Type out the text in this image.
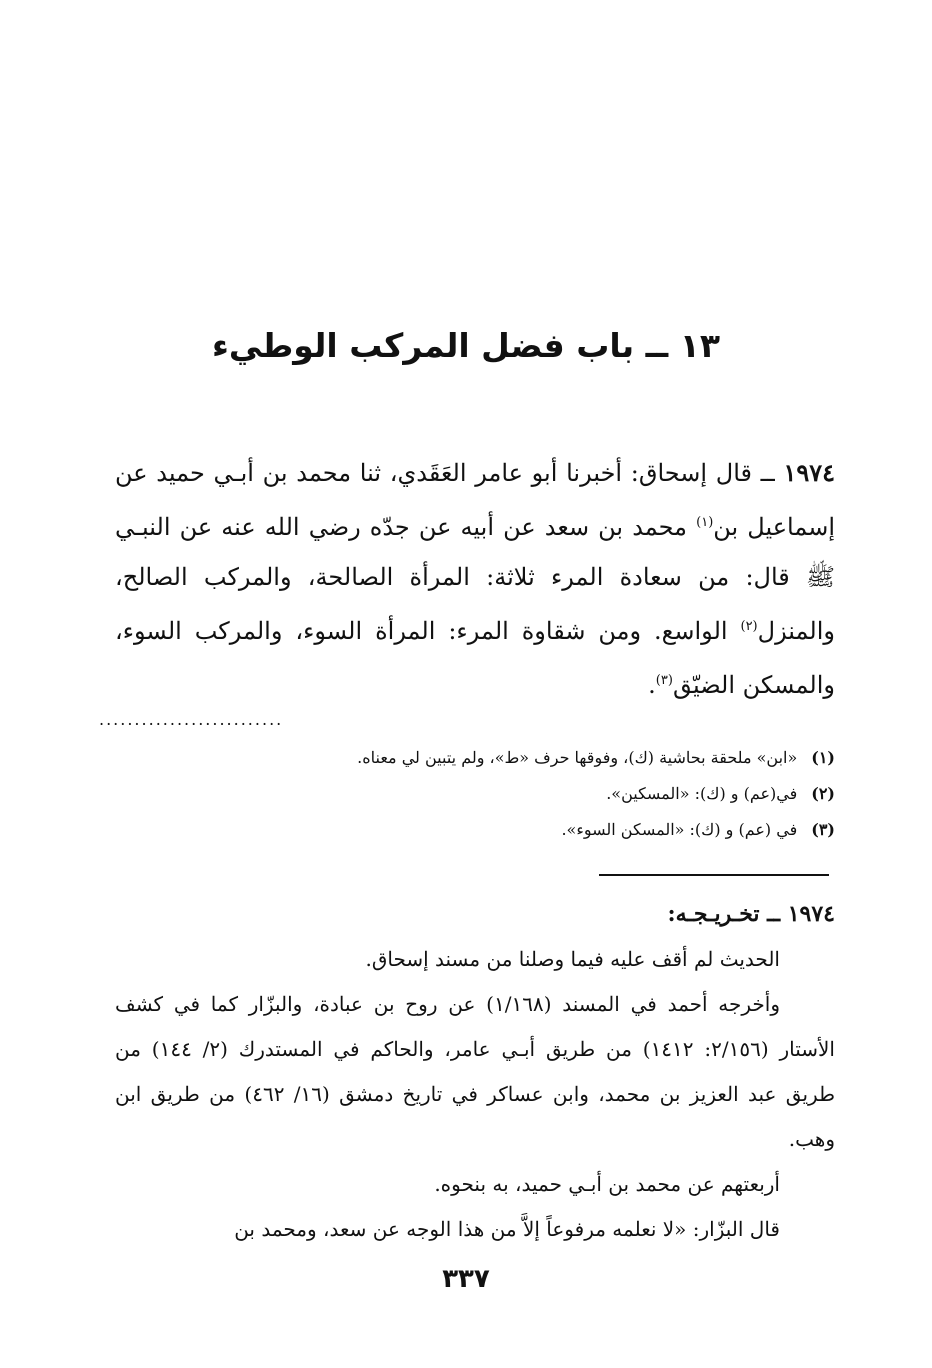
١٣ ــ باب فضل المركب الوطيء
١٩٧٤ ــ قال إسحاق: أخبرنا أبو عامر العَقَدي، ثنا محمد بن أبـي حميد عن إسماعيل بن$^{(١)}$ محمد بن سعد عن أبيه عن جدّه رضي الله عنه عن النبـي ﷺ قال: من سعادة المرء ثلاثة: المرأة الصالحة، والمركب الصالح، والمنزل$^{(٢)}$ الواسع. ومن شقاوة المرء: المرأة السوء، والمركب السوء، والمسكن الضيّق$^{(٣)}$.
..........................
(١)«ابن» ملحقة بحاشية (ك)، وفوقها حرف «ط»، ولم يتبين لي معناه.
(٢)في(عم) و (ك): «المسكين».
(٣)في (عم) و (ك): «المسكن السوء».
١٩٧٤ ــ تخـريـجـه:
الحديث لم أقف عليه فيما وصلنا من مسند إسحاق.
وأخرجه أحمد في المسند (١/١٦٨) عن روح بن عبادة، والبزّار كما في كشف الأستار (٢/١٥٦: ١٤١٢) من طريق أبـي عامر، والحاكم في المستدرك (٢/ ١٤٤) من طريق عبد العزيز بن محمد، وابن عساكر في تاريخ دمشق (١٦/ ٤٦٢) من طريق ابن وهب.
أربعتهم عن محمد بن أبـي حميد، به بنحوه.
قال البزّار: «لا نعلمه مرفوعاً إلاَّ من هذا الوجه عن سعد، ومحمد بن
٣٣٧
